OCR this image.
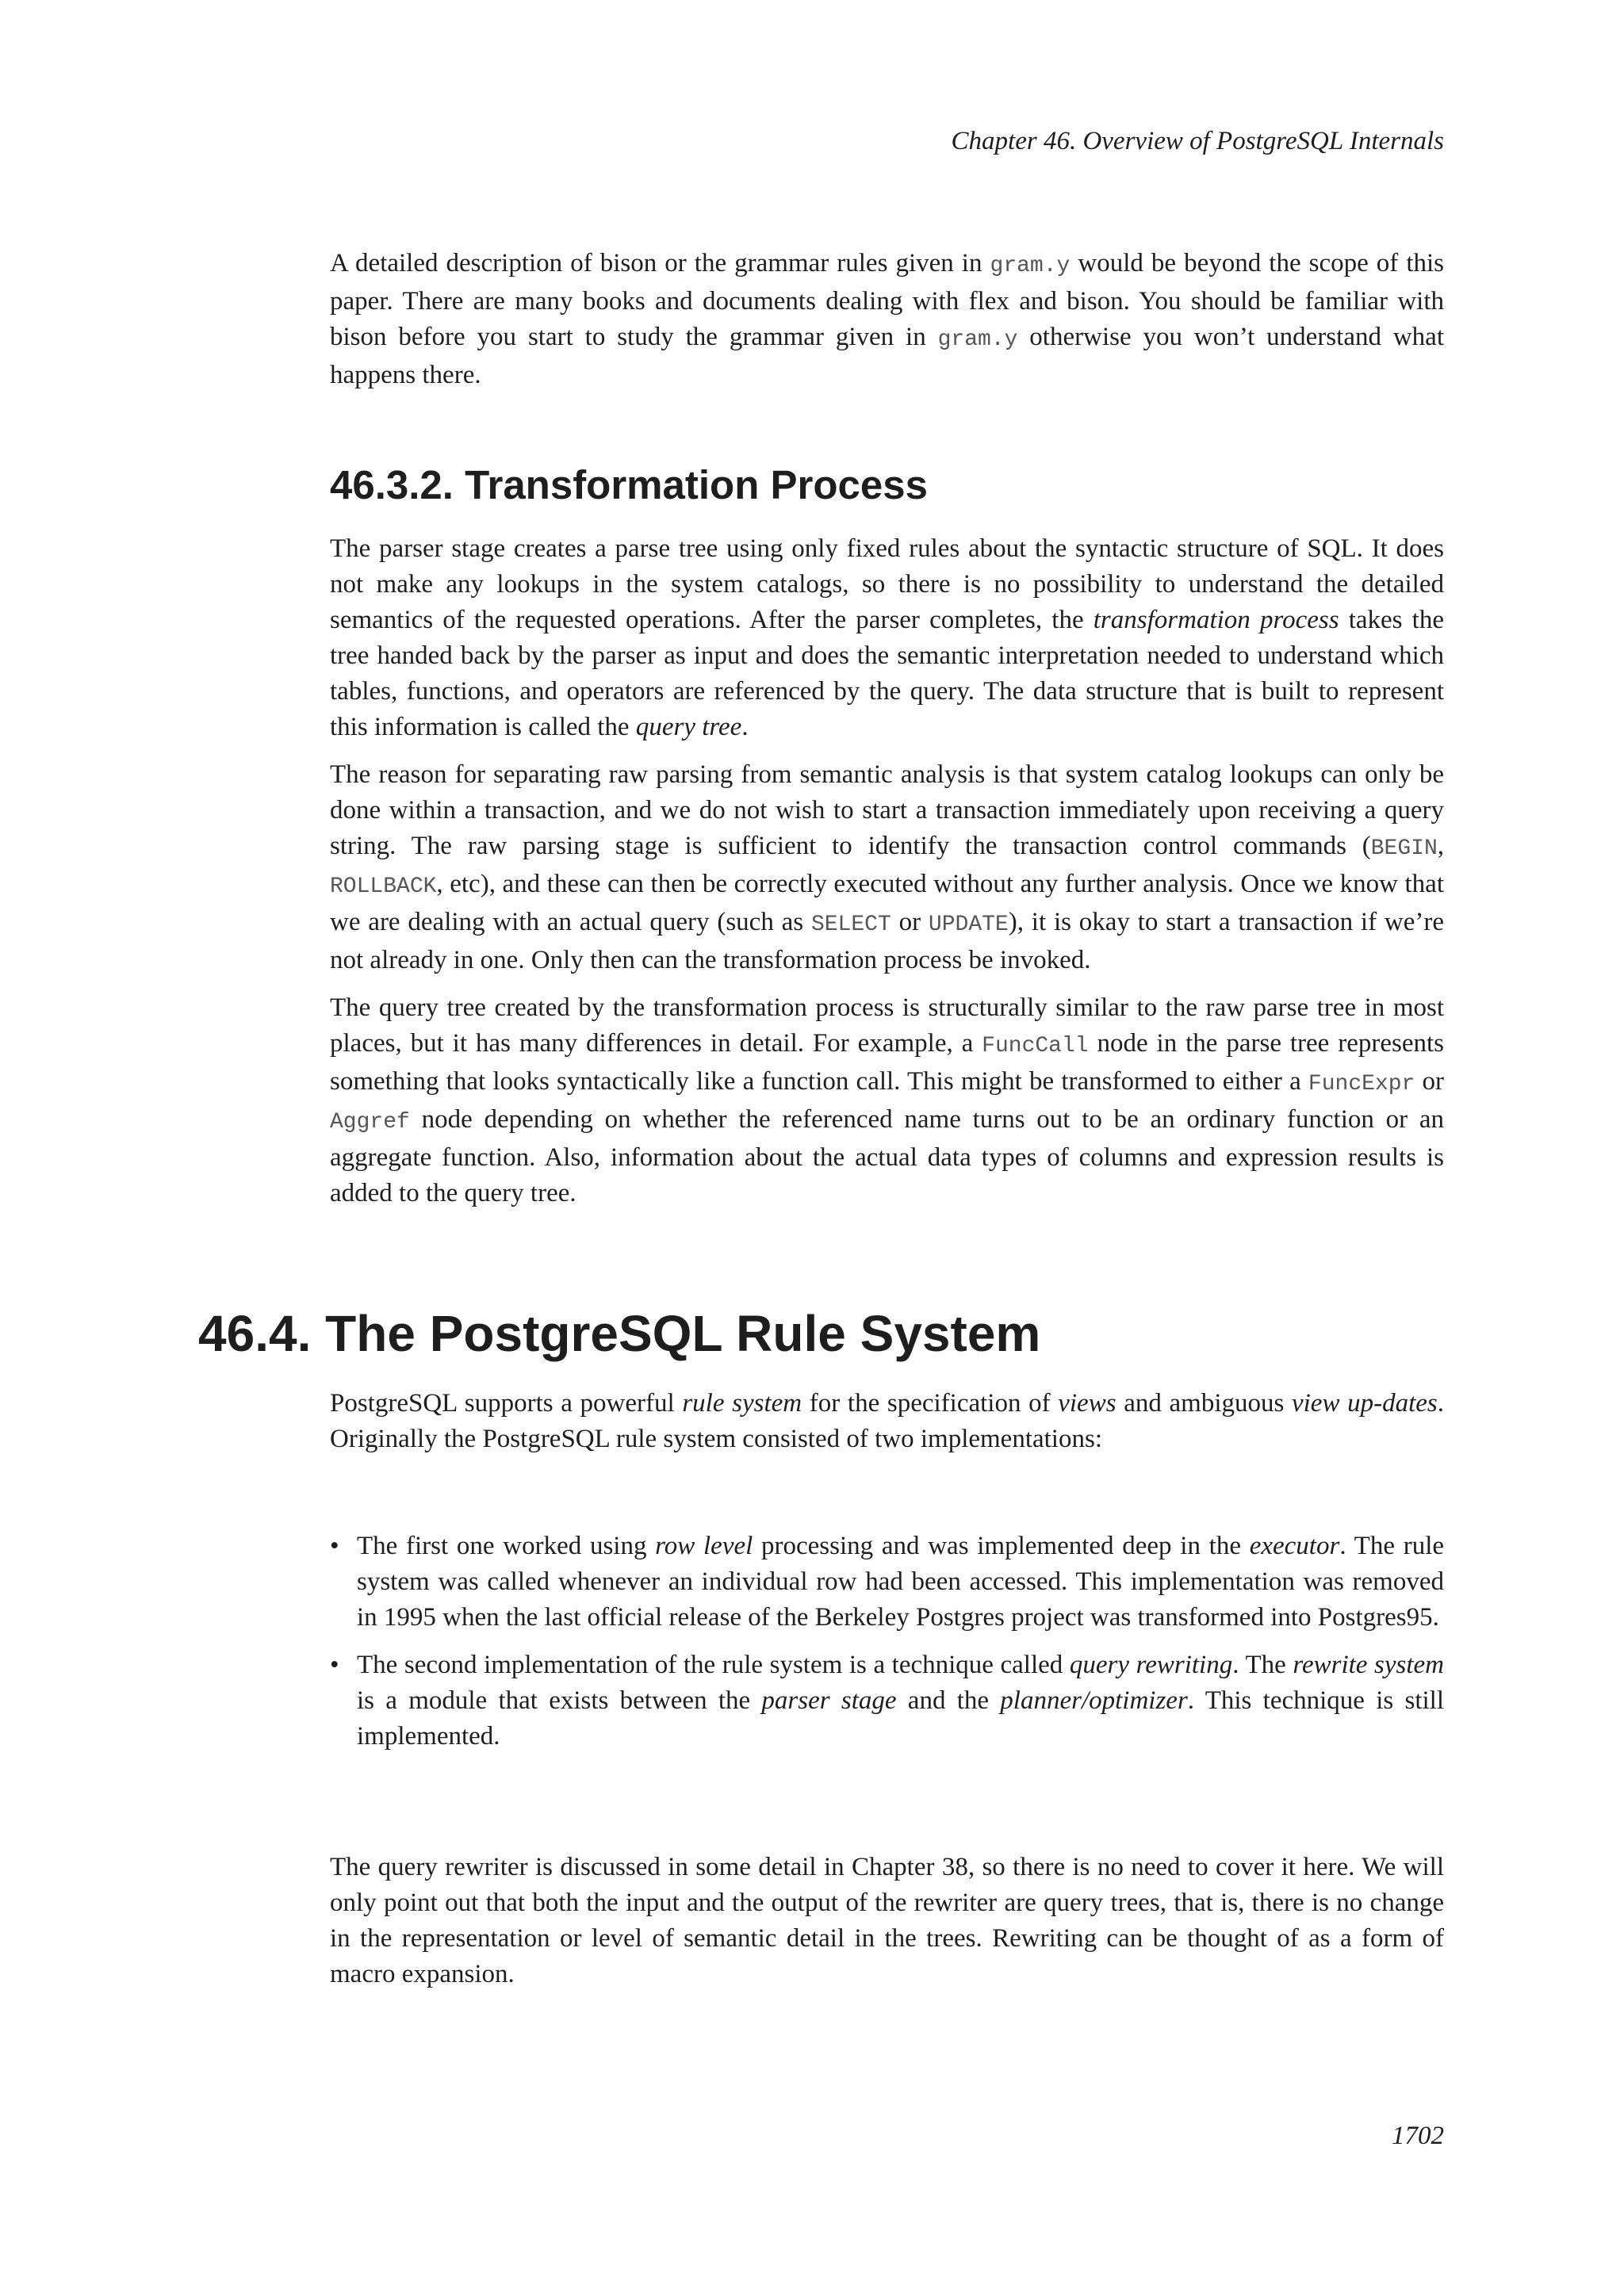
Chapter 46. Overview of PostgreSQL Internals

A detailed description of bison or the grammar rules given in gram.y would be beyond the scope of this paper. There are many books and documents dealing with flex and bison. You should be familiar with bison before you start to study the grammar given in gram.y otherwise you won’t understand what happens there.

46.3.2. Transformation Process

The parser stage creates a parse tree using only fixed rules about the syntactic structure of SQL. It does not make any lookups in the system catalogs, so there is no possibility to understand the detailed semantics of the requested operations. After the parser completes, the transformation process takes the tree handed back by the parser as input and does the semantic interpretation needed to understand which tables, functions, and operators are referenced by the query. The data structure that is built to represent this information is called the query tree.

The reason for separating raw parsing from semantic analysis is that system catalog lookups can only be done within a transaction, and we do not wish to start a transaction immediately upon receiving a query string. The raw parsing stage is sufficient to identify the transaction control commands (BEGIN, ROLLBACK, etc), and these can then be correctly executed without any further analysis. Once we know that we are dealing with an actual query (such as SELECT or UPDATE), it is okay to start a transaction if we’re not already in one. Only then can the transformation process be invoked.

The query tree created by the transformation process is structurally similar to the raw parse tree in most places, but it has many differences in detail. For example, a FuncCall node in the parse tree represents something that looks syntactically like a function call. This might be transformed to either a FuncExpr or Aggref node depending on whether the referenced name turns out to be an ordinary function or an aggregate function. Also, information about the actual data types of columns and expression results is added to the query tree.

46.4. The PostgreSQL Rule System

PostgreSQL supports a powerful rule system for the specification of views and ambiguous view up-dates. Originally the PostgreSQL rule system consisted of two implementations:

• The first one worked using row level processing and was implemented deep in the executor. The rule system was called whenever an individual row had been accessed. This implementation was removed in 1995 when the last official release of the Berkeley Postgres project was transformed into Postgres95.

• The second implementation of the rule system is a technique called query rewriting. The rewrite system is a module that exists between the parser stage and the planner/optimizer. This technique is still implemented.

The query rewriter is discussed in some detail in Chapter 38, so there is no need to cover it here. We will only point out that both the input and the output of the rewriter are query trees, that is, there is no change in the representation or level of semantic detail in the trees. Rewriting can be thought of as a form of macro expansion.

1702
